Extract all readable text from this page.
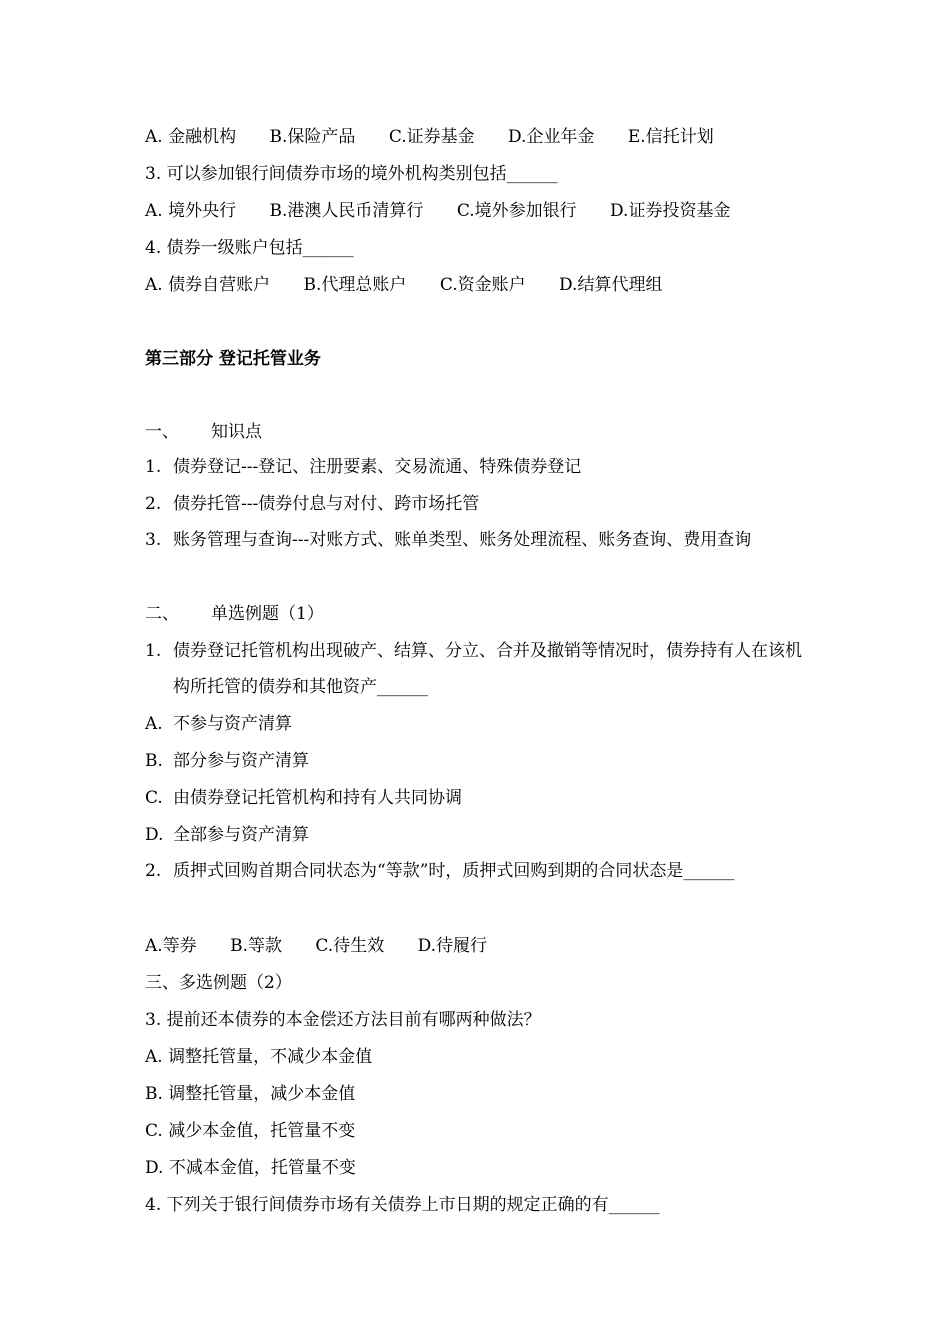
A. 金融机构 B.保险产品 C.证券基金 D.企业年金 E.信托计划
3. 可以参加银行间债券市场的境外机构类别包括______
A. 境外央行 B.港澳人民币清算行 C.境外参加银行 D.证券投资基金
4. 债券一级账户包括______
A. 债券自营账户 B.代理总账户 C.资金账户 D.结算代理组
第三部分 登记托管业务
一、 知识点
1. 债券登记---登记、注册要素、交易流通、特殊债券登记
2. 债券托管---债券付息与对付、跨市场托管
3. 账务管理与查询---对账方式、账单类型、账务处理流程、账务查询、费用查询
二、 单选例题（1）
1. 债券登记托管机构出现破产、结算、分立、合并及撤销等情况时，债券持有人在该机构所托管的债券和其他资产______
A. 不参与资产清算
B. 部分参与资产清算
C. 由债券登记托管机构和持有人共同协调
D. 全部参与资产清算
2. 质押式回购首期合同状态为“等款”时，质押式回购到期的合同状态是______
A.等券 B.等款 C.待生效 D.待履行
三、多选例题（2）
3. 提前还本债券的本金偿还方法目前有哪两种做法？
A. 调整托管量，不减少本金值
B. 调整托管量，减少本金值
C. 减少本金值，托管量不变
D. 不减本金值，托管量不变
4. 下列关于银行间债券市场有关债券上市日期的规定正确的有______
